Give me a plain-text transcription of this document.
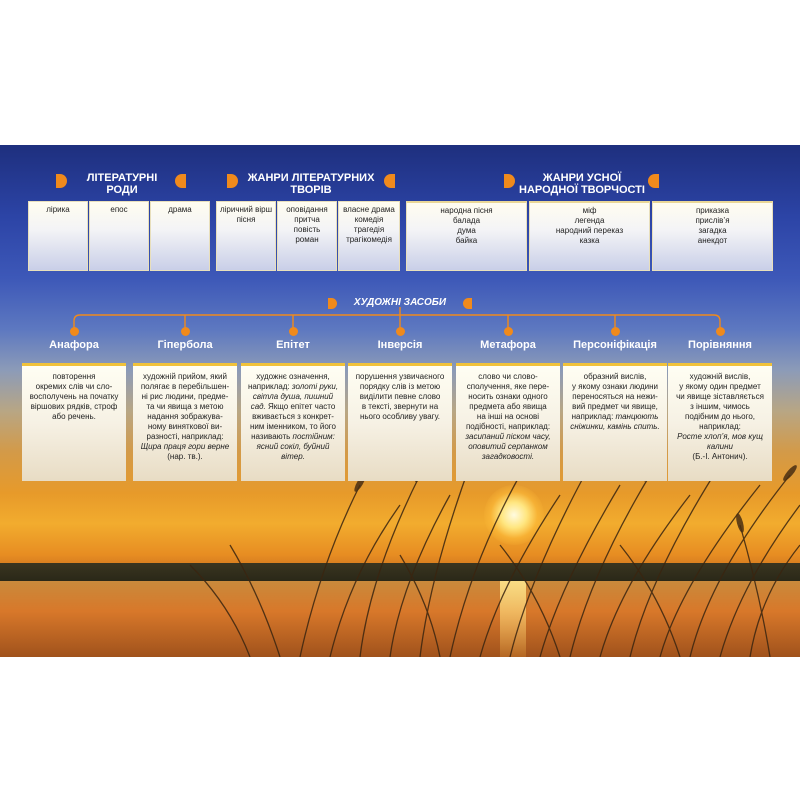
ЛІТЕРАТУРНІ
РОДИ
ЖАНРИ ЛІТЕРАТУРНИХ
ТВОРІВ
ЖАНРИ УСНОЇ
НАРОДНОЇ ТВОРЧОСТІ
лірика	епос	драма	ліричний вірш
пісня
оповідання
притча
повість
роман
власне драма
комедія
трагедія
трагікомедія
народна пісня
балада
дума
байка
міф
легенда
народний переказ
казка
приказка
прислів’я
загадка
анекдот
ХУДОЖНІ ЗАСОБИ
Анафора
повторення
окремих слів чи сло-
восполучень на початку
віршових рядків, строф
або речень.
Гіпербола
художній прийом, який
полягає в перебільшен-
ні рис людини, предме-
та чи явища з метою
надання зображува-
ному виняткової ви-
разності, наприклад:
Щира праця гори верне
(нар. тв.).
Епітет
художнє означення,
наприклад: золоті руки,
світла душа, пишний
сад. Якщо епітет часто
вживається з конкрет-
ним іменником, то його
називають постійним:
ясний сокіл, буйний
вітер.
Інверсія
порушення узвичаєного
порядку слів із метою
виділити певне слово
в тексті, звернути на
нього особливу увагу.
Метафора
слово чи слово-
сполучення, яке пере-
носить ознаки одного
предмета або явища
на інші на основі
подібності, наприклад:
засипаний піском часу,
оповитий серпанком
загадковості.
Персоніфікація
образний вислів,
у якому ознаки людини
переносяться на нежи-
вий предмет чи явище,
наприклад: танцюють
сніжинки, камінь спить.
Порівняння
художній вислів,
у якому один предмет
чи явище зіставляється
з іншим, чимось
подібним до нього,
наприклад:
Росте хлоп’я, мов кущ
калини
(Б.-І. Антонич).
